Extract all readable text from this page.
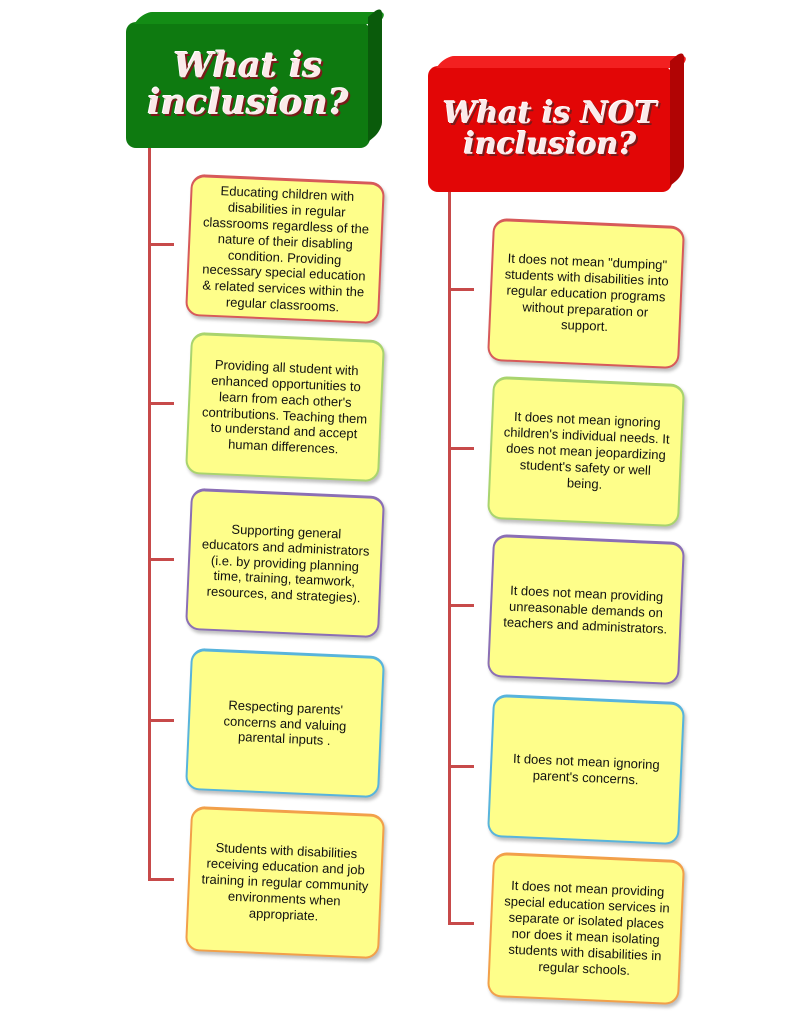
What is
inclusion?
Educating children with disabilities in regular classrooms regardless of the nature of their disabling condition. Providing necessary special education & related services within the regular classrooms.
Providing all student with enhanced opportunities to learn from each other's contributions. Teaching them to understand and accept human differences.
Supporting general educators and administrators (i.e. by providing planning time, training, teamwork, resources, and strategies).
Respecting parents' concerns and valuing parental inputs .
Students with disabilities receiving education and job training in regular community environments when appropriate.
What is NOT
inclusion?
It does not mean "dumping" students with disabilities into regular education programs without preparation or support.
It does not mean ignoring children's individual needs. It does not mean jeopardizing student's safety or well being.
It does not mean providing unreasonable demands on teachers and administrators.
It does not mean ignoring parent's concerns.
It does not mean providing special education services in separate or isolated places nor does it mean isolating students with disabilities in regular schools.
